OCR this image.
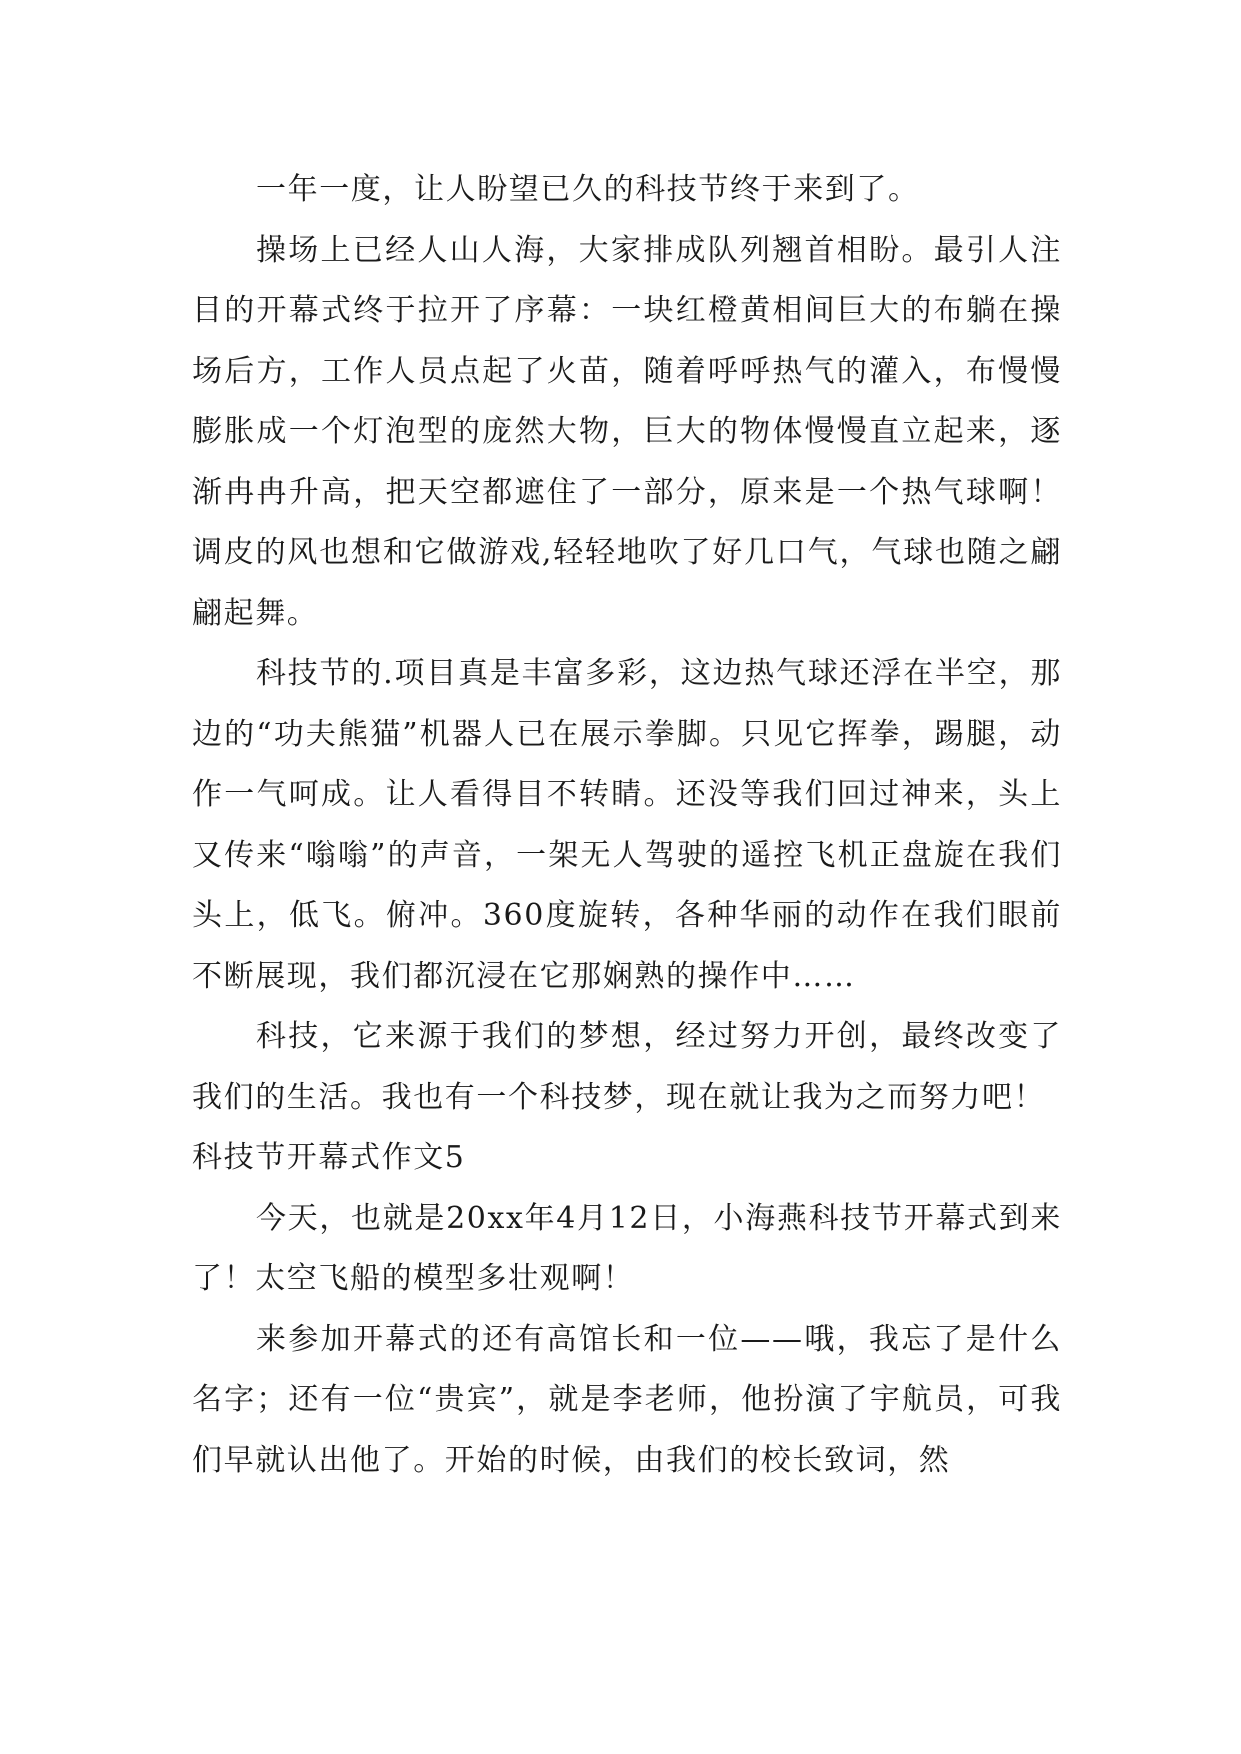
一年一度，让人盼望已久的科技节终于来到了。

操场上已经人山人海，大家排成队列翘首相盼。最引人注目的开幕式终于拉开了序幕：一块红橙黄相间巨大的布躺在操场后方，工作人员点起了火苗，随着呼呼热气的灌入，布慢慢膨胀成一个灯泡型的庞然大物，巨大的物体慢慢直立起来，逐渐冉冉升高，把天空都遮住了一部分，原来是一个热气球啊！调皮的风也想和它做游戏,轻轻地吹了好几口气，气球也随之翩翩起舞。

科技节的.项目真是丰富多彩，这边热气球还浮在半空，那边的“功夫熊猫”机器人已在展示拳脚。只见它挥拳，踢腿，动作一气呵成。让人看得目不转睛。还没等我们回过神来，头上又传来“嗡嗡”的声音，一架无人驾驶的遥控飞机正盘旋在我们头上，低飞。俯冲。360度旋转，各种华丽的动作在我们眼前不断展现，我们都沉浸在它那娴熟的操作中……

科技，它来源于我们的梦想，经过努力开创，最终改变了我们的生活。我也有一个科技梦，现在就让我为之而努力吧！

科技节开幕式作文5

今天，也就是20xx年4月12日，小海燕科技节开幕式到来了！太空飞船的模型多壮观啊！

来参加开幕式的还有高馆长和一位——哦，我忘了是什么名字；还有一位“贵宾”，就是李老师，他扮演了宇航员，可我们早就认出他了。开始的时候，由我们的校长致词，然
